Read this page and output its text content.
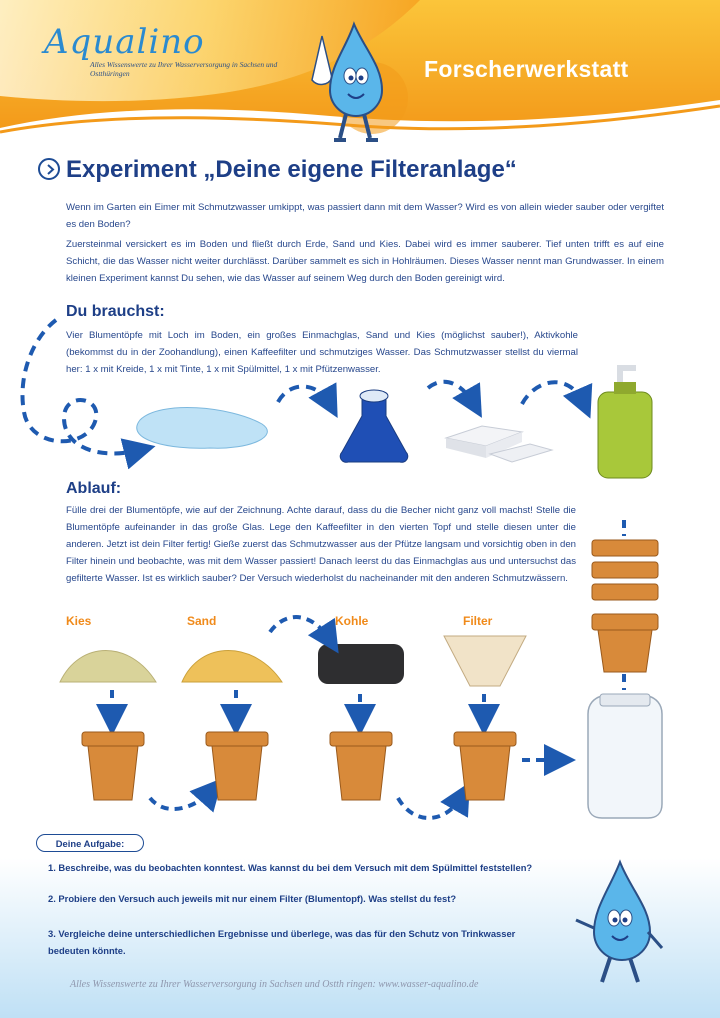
Aqualino
Alles Wissenswerte zu Ihrer Wasserversorgung in Sachsen und Ostthüringen	Forscherwerkstatt
Experiment „Deine eigene Filteranlage“
Wenn im Garten ein Eimer mit Schmutzwasser umkippt, was passiert dann mit dem Wasser? Wird es von allein wieder sauber oder vergiftet es den Boden?
Zuersteinmal versickert es im Boden und fließt durch Erde, Sand und Kies. Dabei wird es immer sauberer. Tief unten trifft es auf eine Schicht, die das Wasser nicht weiter durchlässt. Darüber sammelt es sich in Hohlräumen. Dieses Wasser nennt man Grundwasser. In einem kleinen Experiment kannst Du sehen, wie das Wasser auf seinem Weg durch den Boden gereinigt wird.
Du brauchst:
Vier Blumentöpfe mit Loch im Boden, ein großes Einmachglas, Sand und Kies (möglichst sauber!), Aktivkohle (bekommst du in der Zoohandlung), einen Kaffeefilter und schmutziges Wasser. Das Schmutzwasser stellst du viermal her: 1 x mit Kreide, 1 x mit Tinte, 1 x mit Spülmittel, 1 x mit Pfützenwasser.
Ablauf:
Fülle drei der Blumentöpfe, wie auf der Zeichnung. Achte darauf, dass du die Becher nicht ganz voll machst! Stelle die Blumentöpfe aufeinander in das große Glas. Lege den Kaffeefilter in den vierten Topf und stelle diesen unter die anderen. Jetzt ist dein Filter fertig! Gieße zuerst das Schmutzwasser aus der Pfütze langsam und vorsichtig oben in den Filter hinein und beobachte, was mit dem Wasser passiert! Danach leerst du das Einmachglas aus und untersuchst das gefilterte Wasser. Ist es wirklich sauber? Der Versuch wiederholst du nacheinander mit den anderen Schmutzwässern.
Kies	Sand	Kohle	Filter
Deine Aufgabe:
1. Beschreibe, was du beobachten konntest. Was kannst du bei dem Versuch mit dem Spülmittel feststellen?
2. Probiere den Versuch auch jeweils mit nur einem Filter (Blumentopf). Was stellst du fest?
3. Vergleiche deine unterschiedlichen Ergebnisse und überlege, was das für den Schutz von Trinkwasser bedeuten könnte.
Alles Wissenswerte zu Ihrer Wasserversorgung in Sachsen und Ostth ringen: www.wasser-aqualino.de
